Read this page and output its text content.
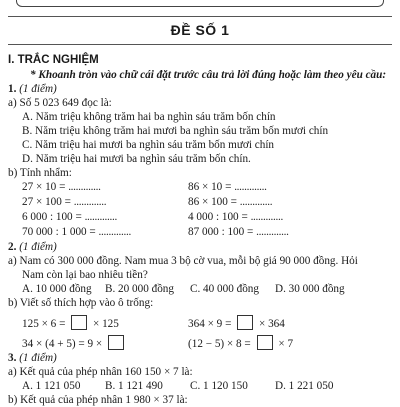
ĐỀ SỐ 1
I. TRẮC NGHIỆM
* Khoanh tròn vào chữ cái đặt trước câu trả lời đúng hoặc làm theo yêu cầu:
1. (1 điểm)
a) Số 5 023 649 đọc là:
A. Năm triệu không trăm hai ba nghìn sáu trăm bốn chín
B. Năm triệu không trăm hai mươi ba nghìn sáu trăm bốn mươi chín
C. Năm triệu hai mươi ba nghìn sáu trăm bốn mươi chín
D. Năm triệu hai mươi ba nghìn sáu trăm bốn chín.
b) Tính nhẩm:
27 × 10 = .............	86 × 10 = .............
27 × 100 = .............	86 × 100 = .............
6 000 : 100 = .............	4 000 : 100 = .............
70 000 : 1 000 = .............	87 000 : 100 = .............
2. (1 điểm)
a) Nam có 300 000 đồng. Nam mua 3 bộ cờ vua, mỗi bộ giá 90 000 đồng. Hỏi
Nam còn lại bao nhiêu tiền?
A. 10 000 đồng B. 20 000 đồng C. 40 000 đồng D. 30 000 đồng
b) Viết số thích hợp vào ô trống:
125 × 6 =  × 125	364 × 9 =  × 364
34 × (4 + 5) = 9 ×	(12 − 5) × 8 =  × 7
3. (1 điểm)
a) Kết quả của phép nhân 160 150 × 7 là:
A. 1 121 050 B. 1 121 490 C. 1 120 150 D. 1 221 050
b) Kết quả của phép nhân 1 980 × 37 là:
